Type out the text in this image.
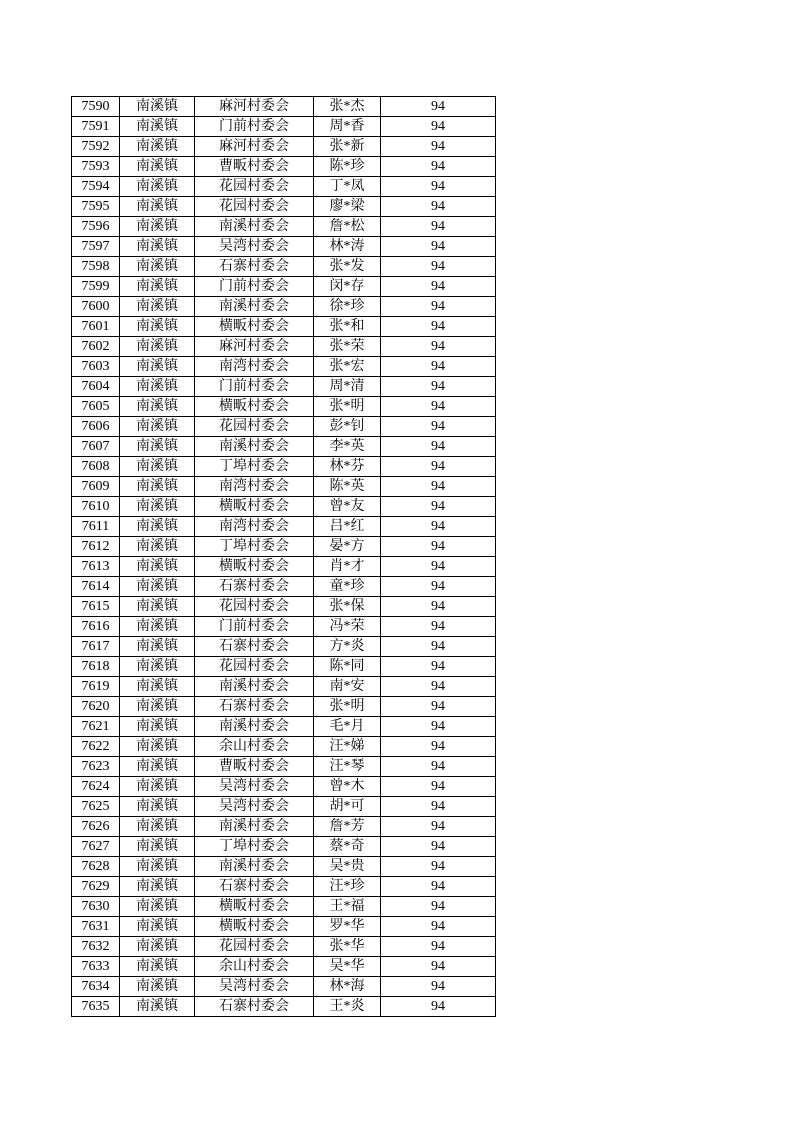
7590	南溪镇	麻河村委会	张*杰	94
7591	南溪镇	门前村委会	周*香	94
7592	南溪镇	麻河村委会	张*新	94
7593	南溪镇	曹畈村委会	陈*珍	94
7594	南溪镇	花园村委会	丁*凤	94
7595	南溪镇	花园村委会	廖*梁	94
7596	南溪镇	南溪村委会	詹*松	94
7597	南溪镇	吴湾村委会	林*涛	94
7598	南溪镇	石寨村委会	张*发	94
7599	南溪镇	门前村委会	闵*存	94
7600	南溪镇	南溪村委会	徐*珍	94
7601	南溪镇	横畈村委会	张*和	94
7602	南溪镇	麻河村委会	张*荣	94
7603	南溪镇	南湾村委会	张*宏	94
7604	南溪镇	门前村委会	周*清	94
7605	南溪镇	横畈村委会	张*明	94
7606	南溪镇	花园村委会	彭*钊	94
7607	南溪镇	南溪村委会	李*英	94
7608	南溪镇	丁埠村委会	林*芬	94
7609	南溪镇	南湾村委会	陈*英	94
7610	南溪镇	横畈村委会	曾*友	94
7611	南溪镇	南湾村委会	吕*红	94
7612	南溪镇	丁埠村委会	晏*方	94
7613	南溪镇	横畈村委会	肖*才	94
7614	南溪镇	石寨村委会	童*珍	94
7615	南溪镇	花园村委会	张*保	94
7616	南溪镇	门前村委会	冯*荣	94
7617	南溪镇	石寨村委会	方*炎	94
7618	南溪镇	花园村委会	陈*同	94
7619	南溪镇	南溪村委会	南*安	94
7620	南溪镇	石寨村委会	张*明	94
7621	南溪镇	南溪村委会	毛*月	94
7622	南溪镇	余山村委会	汪*娣	94
7623	南溪镇	曹畈村委会	汪*琴	94
7624	南溪镇	吴湾村委会	曾*木	94
7625	南溪镇	吴湾村委会	胡*可	94
7626	南溪镇	南溪村委会	詹*芳	94
7627	南溪镇	丁埠村委会	蔡*奇	94
7628	南溪镇	南溪村委会	吴*贵	94
7629	南溪镇	石寨村委会	汪*珍	94
7630	南溪镇	横畈村委会	王*福	94
7631	南溪镇	横畈村委会	罗*华	94
7632	南溪镇	花园村委会	张*华	94
7633	南溪镇	余山村委会	吴*华	94
7634	南溪镇	吴湾村委会	林*海	94
7635	南溪镇	石寨村委会	王*炎	94
